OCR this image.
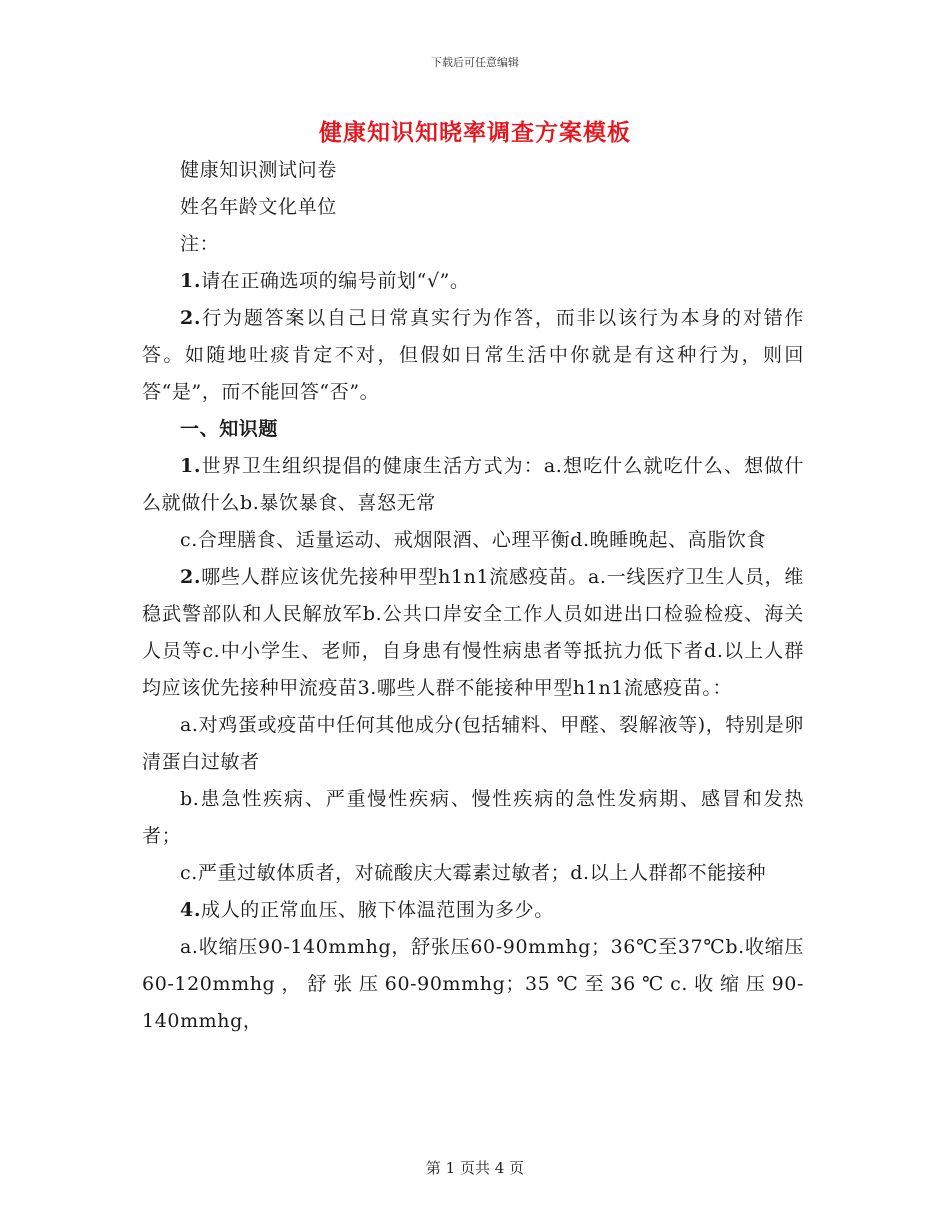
下载后可任意编辑
健康知识知晓率调查方案模板

健康知识测试问卷

姓名年龄文化单位

注：

1.请在正确选项的编号前划“√”。

2.行为题答案以自己日常真实行为作答，而非以该行为本身的对错作答。如随地吐痰肯定不对，但假如日常生活中你就是有这种行为，则回答“是”，而不能回答“否”。

一、知识题

1.世界卫生组织提倡的健康生活方式为：a.想吃什么就吃什么、想做什么就做什么b.暴饮暴食、喜怒无常

c.合理膳食、适量运动、戒烟限酒、心理平衡d.晚睡晚起、高脂饮食

2.哪些人群应该优先接种甲型h1n1流感疫苗。a.一线医疗卫生人员，维稳武警部队和人民解放军b.公共口岸安全工作人员如进出口检验检疫、海关人员等c.中小学生、老师，自身患有慢性病患者等抵抗力低下者d.以上人群均应该优先接种甲流疫苗3.哪些人群不能接种甲型h1n1流感疫苗。：

a.对鸡蛋或疫苗中任何其他成分(包括辅料、甲醛、裂解液等)，特别是卵清蛋白过敏者

b.患急性疾病、严重慢性疾病、慢性疾病的急性发病期、感冒和发热者；

c.严重过敏体质者，对硫酸庆大霉素过敏者；d.以上人群都不能接种

4.成人的正常血压、腋下体温范围为多少。

a.收缩压90-140mmhg，舒张压60-90mmhg；36℃至37℃b.收缩压60-120mmhg，舒张压60-90mmhg；35℃至36℃c.收缩压90-140mmhg，

第 1 页共 4 页
